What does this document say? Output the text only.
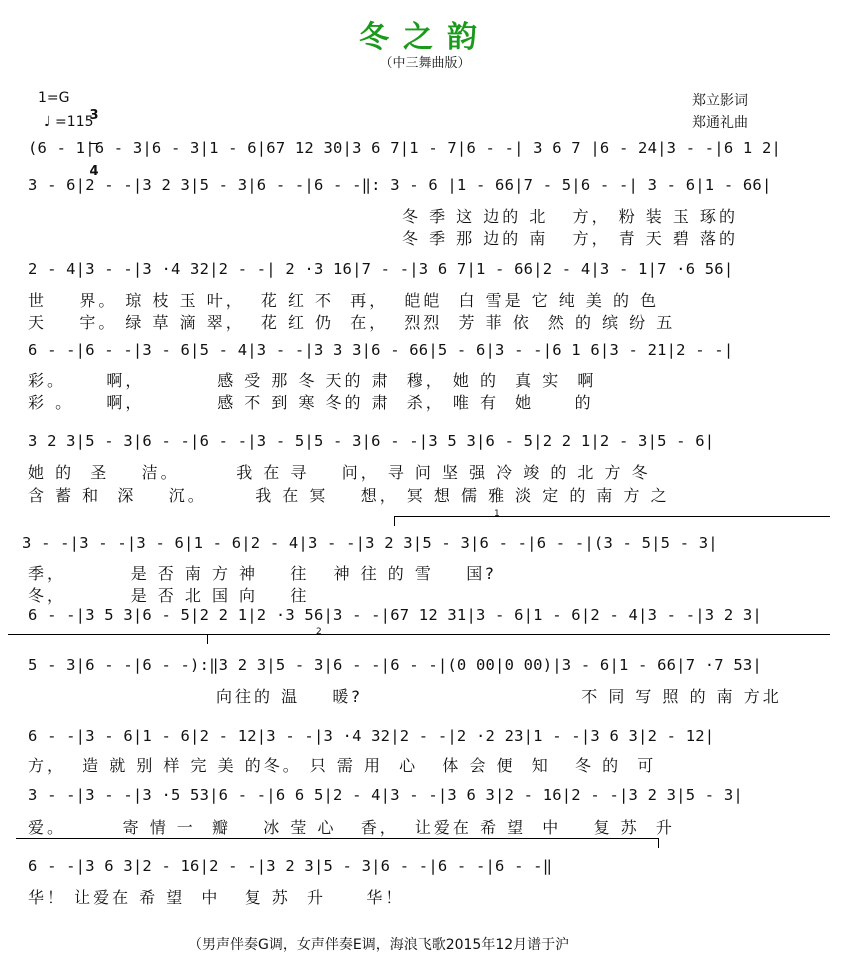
冬之韵
（中三舞曲版）
1=G

3

4

♩ =115
郑立影词
郑通礼曲
(6 - 1|6 - 3|6 - 3|1 - 6|67 12 30|3 6 7|1 - 7|6 - -| 3 6 7 |6 - 24|3 - -|6 1 2|
3 - 6|2 - -|3 2 3|5 - 3|6 - -|6 - -‖: 3 - 6 |1 - 66|7 - 5|6 - -| 3 - 6|1 - 66|
冬 季 这 边的 北   方， 粉 装 玉 琢的
冬 季 那 边的 南   方， 青 天 碧 落的
2 - 4|3 - -|3 ·4 32|2 - -| 2 ·3 16|7 - -|3 6 7|1 - 66|2 - 4|3 - 1|7 ·6 56|
世    界。 琼 枝 玉 叶，  花 红 不  再，  皑皑  白 雪是 它 纯 美 的 色
天    宇。 绿 草 滴 翠，  花 红 仍  在，  烈烈  芳 菲 依  然 的 缤 纷 五
6 - -|6 - -|3 - 6|5 - 4|3 - -|3 3 3|6 - 66|5 - 6|3 - -|6 1 6|3 - 21|2 - -|
彩。     啊，         感 受 那 冬 天的 肃  穆， 她 的  真 实  啊
彩 。    啊，         感 不 到 寒 冬的 肃  杀， 唯 有  她     的
3 2 3|5 - 3|6 - -|6 - -|3 - 5|5 - 3|6 - -|3 5 3|6 - 5|2 2 1|2 - 3|5 - 6|
她 的  圣    洁。       我 在 寻    问， 寻 问 坚 强 冷 竣 的 北 方 冬
含 蓄 和  深    沉。      我 在 冥    想， 冥 想 儒 雅 淡 定 的 南 方 之
1
3 - -|3 - -|3 - 6|1 - 6|2 - 4|3 - -|3 2 3|5 - 3|6 - -|6 - -|(3 - 5|5 - 3|
季，        是 否 南 方 神    往   神 往 的 雪    国?
冬，        是 否 北 国 向    往
6 - -|3 5 3|6 - 5|2 2 1|2 ·3 56|3 - -|67 12 31|3 - 6|1 - 6|2 - 4|3 - -|3 2 3|
2
5 - 3|6 - -|6 - -):‖3 2 3|5 - 3|6 - -|6 - -|(0 00|0 00)|3 - 6|1 - 66|7 ·7 53|
向往的 温    暖?                           不 同 写 照 的 南 方北
6 - -|3 - 6|1 - 6|2 - 12|3 - -|3 ·4 32|2 - -|2 ·2 23|1 - -|3 6 3|2 - 12|
方，  造 就 别 样 完 美 的冬。 只 需 用  心   体 会 便  知   冬 的  可
3 - -|3 - -|3 ·5 53|6 - -|6 6 5|2 - 4|3 - -|3 6 3|2 - 16|2 - -|3 2 3|5 - 3|
爱。       寄 情 一  瓣    冰 莹 心   香，  让爱在 希 望  中    复 苏  升
6 - -|3 6 3|2 - 16|2 - -|3 2 3|5 - 3|6 - -|6 - -|6 - -‖
华！ 让爱在 希 望  中   复 苏  升     华！
（男声伴奏G调，女声伴奏E调，海浪飞歌2015年12月谱于沪
